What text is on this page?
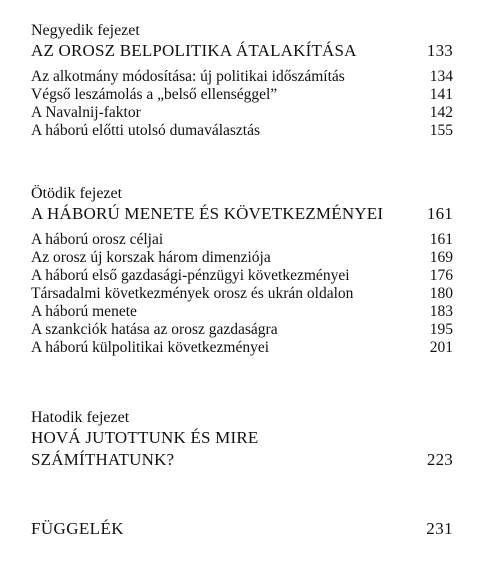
Negyedik fejezet
AZ OROSZ BELPOLITIKA ÁTALAKÍTÁSA	133
Az alkotmány módosítása: új politikai időszámítás	134
Végső leszámolás a „belső ellenséggel”	141
A Navalnij-faktor	142
A háború előtti utolsó dumaválasztás	155
Ötödik fejezet
A HÁBORÚ MENETE ÉS KÖVETKEZMÉNYEI	161
A háború orosz céljai	161
Az orosz új korszak három dimenziója	169
A háború első gazdasági-pénzügyi következményei	176
Társadalmi következmények orosz és ukrán oldalon	180
A háború menete	183
A szankciók hatása az orosz gazdaságra	195
A háború külpolitikai következményei	201
Hatodik fejezet
HOVÁ JUTOTTUNK ÉS MIRE
SZÁMÍTHATUNK?	223
FÜGGELÉK	231
